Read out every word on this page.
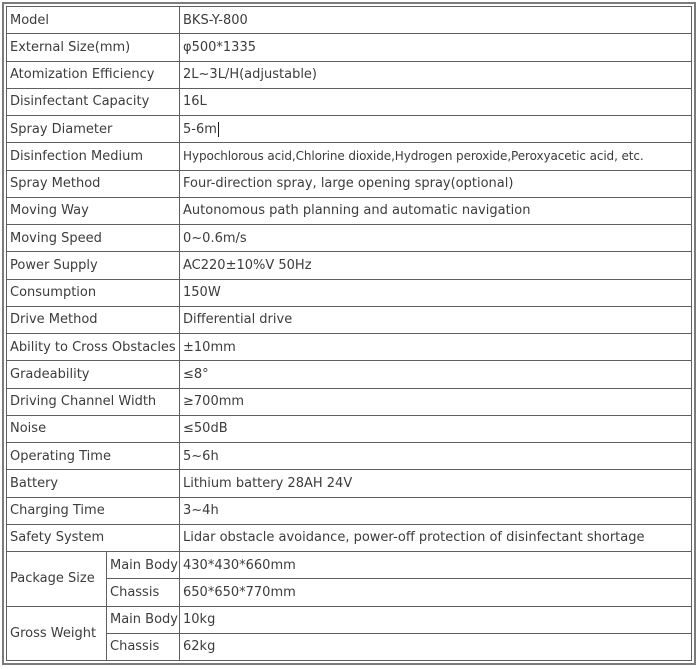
Model		BKS-Y-800
External Size(mm)		φ500*1335
Atomization Efficiency		2L~3L/H(adjustable)
Disinfectant Capacity		16L
Spray Diameter		5-6m
Disinfection Medium		Hypochlorous acid,Chlorine dioxide,Hydrogen peroxide,Peroxyacetic acid, etc.
Spray Method		Four-direction spray, large opening spray(optional)
Moving Way		Autonomous path planning and automatic navigation
Moving Speed		0~0.6m/s
Power Supply		AC220±10%V 50Hz
Consumption		150W
Drive Method		Differential drive
Ability to Cross Obstacles		±10mm
Gradeability		≤8°
Driving Channel Width		≥700mm
Noise		≤50dB
Operating Time		5~6h
Battery		Lithium battery 28AH 24V
Charging Time		3~4h
Safety System		Lidar obstacle avoidance, power-off protection of disinfectant shortage
Package Size	Main Body	430*430*660mm
	Chassis	650*650*770mm
Gross Weight	Main Body	10kg
	Chassis	62kg
